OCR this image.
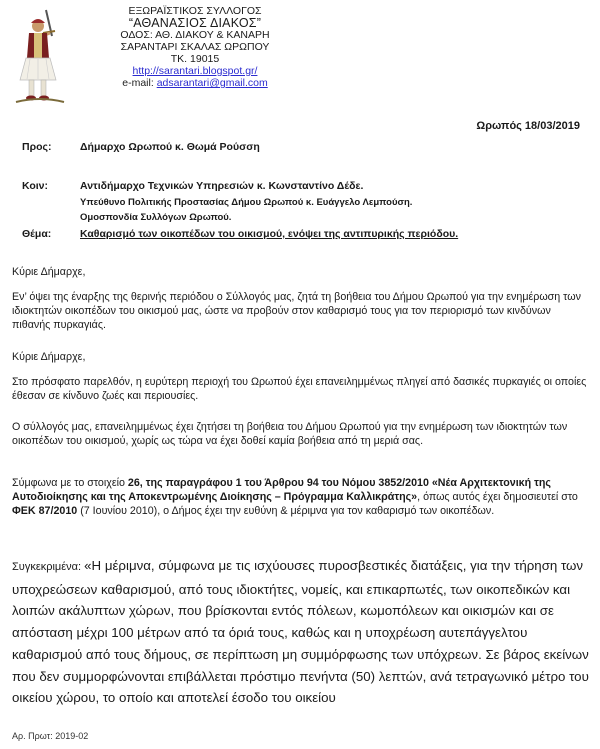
ΕΞΩΡΑΪΣΤΙΚΟΣ ΣΥΛΛΟΓΟΣ
“ΑΘΑΝΑΣΙΟΣ ΔΙΑΚΟΣ”
ΟΔΟΣ: ΑΘ. ΔΙΑΚΟΥ & ΚΑΝΑΡΗ
ΣΑΡΑΝΤΑΡΙ ΣΚΑΛΑΣ ΩΡΩΠΟΥ
ΤΚ. 19015
http://sarantari.blogspot.gr/
e-mail: adsarantari@gmail.com
Ωρωπός 18/03/2019
Προς:	Δήμαρχο Ωρωπού κ. Θωμά Ρούσση
Κοιν:	Αντιδήμαρχο Τεχνικών Υπηρεσιών κ. Κωνσταντίνο Δέδε.
Υπεύθυνο Πολιτικής Προστασίας Δήμου Ωρωπού κ. Ευάγγελο Λεμπούση.
Ομοσπονδία Συλλόγων Ωρωπού.
Θέμα:	Καθαρισμό των οικοπέδων του οικισμού, ενόψει της αντιπυρικής περιόδου.
Κύριε Δήμαρχε,

Εν’ όψει της έναρξης της θερινής περιόδου ο Σύλλογός μας, ζητά τη βοήθεια του Δήμου Ωρωπού για την ενημέρωση των ιδιοκτητών οικοπέδων του οικισμού μας, ώστε να προβούν στον καθαρισμό τους για τον περιορισμό των κινδύνων πιθανής πυρκαγιάς.

Κύριε Δήμαρχε,

Στο πρόσφατο παρελθόν, η ευρύτερη περιοχή του Ωρωπού έχει επανειλημμένως πληγεί από δασικές πυρκαγιές οι οποίες έθεσαν σε κίνδυνο ζωές και περιουσίες.

Ο σύλλογός μας, επανειλημμένως έχει ζητήσει τη βοήθεια του Δήμου Ωρωπού για την ενημέρωση των ιδιοκτητών των οικοπέδων του οικισμού, χωρίς ως τώρα να έχει δοθεί καμία βοήθεια από τη μεριά σας.

Σύμφωνα με το στοιχείο 26, της παραγράφου 1 του Άρθρου 94 του Νόμου 3852/2010 «Νέα Αρχιτεκτονική της Αυτοδιοίκησης και της Αποκεντρωμένης Διοίκησης – Πρόγραμμα Καλλικράτης», όπως αυτός έχει δημοσιευτεί στο ΦΕΚ 87/2010 (7 Ιουνίου 2010), ο Δήμος έχει την ευθύνη & μέριμνα για τον καθαρισμό των οικοπέδων.

Συγκεκριμένα: «Η μέριμνα, σύμφωνα με τις ισχύουσες πυροσβεστικές διατάξεις, για την τήρηση των υποχρεώσεων καθαρισμού, από τους ιδιοκτήτες, νομείς, και επικαρπωτές, των οικοπεδικών και λοιπών ακάλυπτων χώρων, που βρίσκονται εντός πόλεων, κωμοπόλεων και οικισμών και σε απόσταση μέχρι 100 μέτρων από τα όριά τους, καθώς και η υποχρέωση αυτεπάγγελτου καθαρισμού από τους δήμους, σε περίπτωση μη συμμόρφωσης των υπόχρεων. Σε βάρος εκείνων που δεν συμμορφώνονται επιβάλλεται πρόστιμο πενήντα (50) λεπτών, ανά τετραγωνικό μέτρο του οικείου χώρου, το οποίο και αποτελεί έσοδο του οικείου
Αρ. Πρωτ: 2019-02
